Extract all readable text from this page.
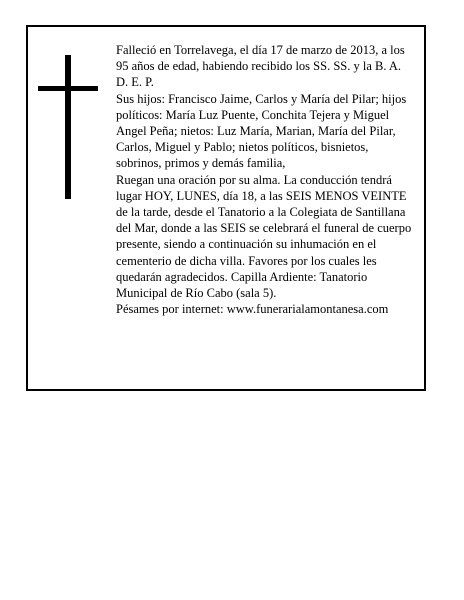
Falleció en Torrelavega, el día 17 de marzo de 2013, a los 95 años de edad, habiendo recibido los SS. SS. y la B. A.

D. E. P.

Sus hijos: Francisco Jaime, Carlos y María del Pilar; hijos políticos: María Luz Puente, Conchita Tejera y Miguel Angel Peña; nietos: Luz María, Marian, María del Pilar, Carlos, Miguel y Pablo; nietos políticos, bisnietos, sobrinos, primos y demás familia,

Ruegan una oración por su alma. La conducción tendrá lugar HOY, LUNES, día 18, a las SEIS MENOS VEINTE de la tarde, desde el Tanatorio a la Colegiata de Santillana del Mar, donde a las SEIS se celebrará el funeral de cuerpo presente, siendo a continuación su inhumación en el cementerio de dicha villa. Favores por los cuales les quedarán agradecidos. Capilla Ardiente: Tanatorio Municipal de Río Cabo (sala 5).

Pésames por internet: www.funerarialamontanesa.com
